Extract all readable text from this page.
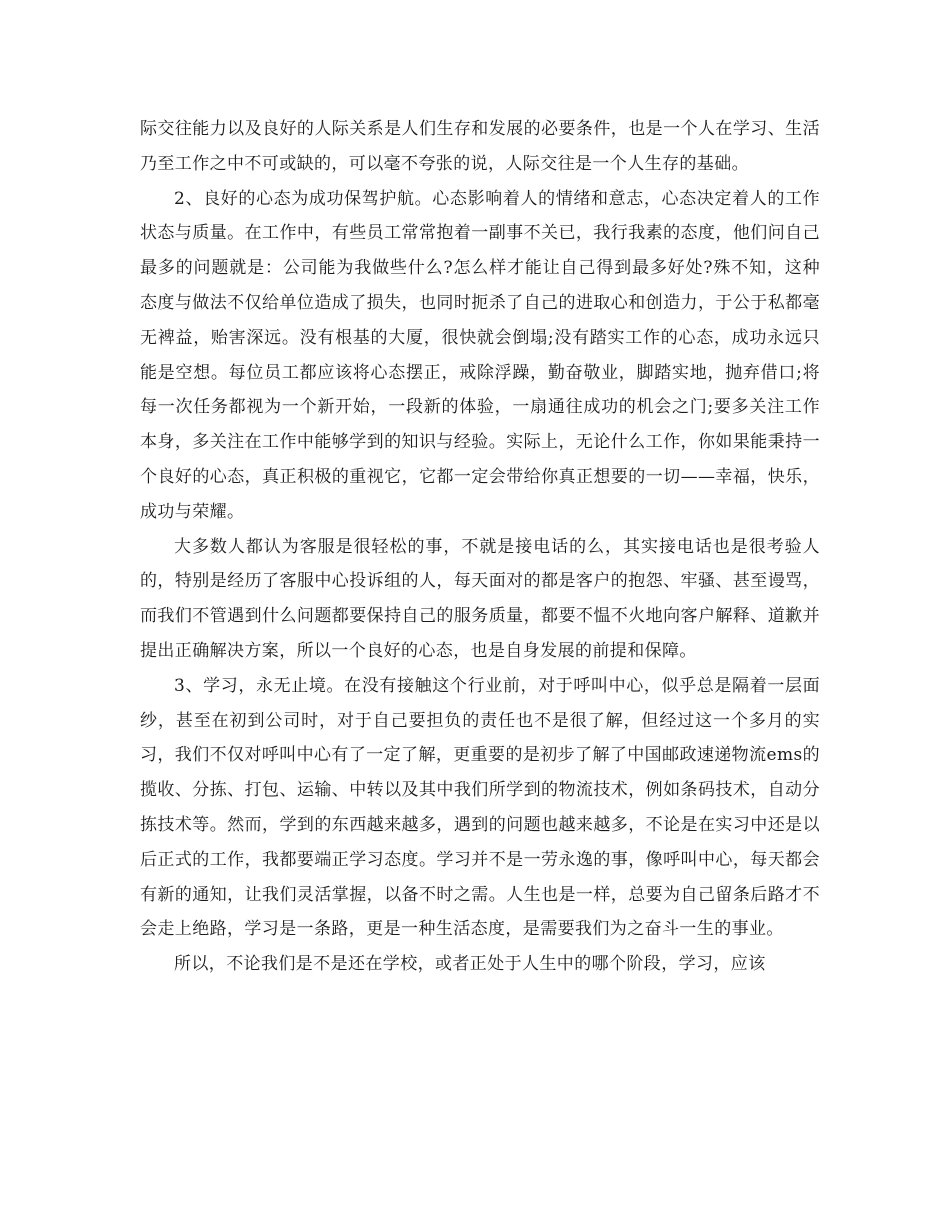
际交往能力以及良好的人际关系是人们生存和发展的必要条件，也是一个人在学习、生活乃至工作之中不可或缺的，可以毫不夸张的说，人际交往是一个人生存的基础。

2、良好的心态为成功保驾护航。心态影响着人的情绪和意志，心态决定着人的工作状态与质量。在工作中，有些员工常常抱着一副事不关已，我行我素的态度，他们问自己最多的问题就是：公司能为我做些什么?怎么样才能让自己得到最多好处?殊不知，这种态度与做法不仅给单位造成了损失，也同时扼杀了自己的进取心和创造力，于公于私都毫无裨益，贻害深远。没有根基的大厦，很快就会倒塌;没有踏实工作的心态，成功永远只能是空想。每位员工都应该将心态摆正，戒除浮躁，勤奋敬业，脚踏实地，抛弃借口;将每一次任务都视为一个新开始，一段新的体验，一扇通往成功的机会之门;要多关注工作本身，多关注在工作中能够学到的知识与经验。实际上，无论什么工作，你如果能秉持一个良好的心态，真正积极的重视它，它都一定会带给你真正想要的一切——幸福，快乐，成功与荣耀。

大多数人都认为客服是很轻松的事，不就是接电话的么，其实接电话也是很考验人的，特别是经历了客服中心投诉组的人，每天面对的都是客户的抱怨、牢骚、甚至谩骂，而我们不管遇到什么问题都要保持自己的服务质量，都要不愠不火地向客户解释、道歉并提出正确解决方案，所以一个良好的心态，也是自身发展的前提和保障。

3、学习，永无止境。在没有接触这个行业前，对于呼叫中心，似乎总是隔着一层面纱，甚至在初到公司时，对于自己要担负的责任也不是很了解，但经过这一个多月的实习，我们不仅对呼叫中心有了一定了解，更重要的是初步了解了中国邮政速递物流ems的揽收、分拣、打包、运输、中转以及其中我们所学到的物流技术，例如条码技术，自动分拣技术等。然而，学到的东西越来越多，遇到的问题也越来越多，不论是在实习中还是以后正式的工作，我都要端正学习态度。学习并不是一劳永逸的事，像呼叫中心，每天都会有新的通知，让我们灵活掌握，以备不时之需。人生也是一样，总要为自己留条后路才不会走上绝路，学习是一条路，更是一种生活态度，是需要我们为之奋斗一生的事业。

所以，不论我们是不是还在学校，或者正处于人生中的哪个阶段，学习，应该
